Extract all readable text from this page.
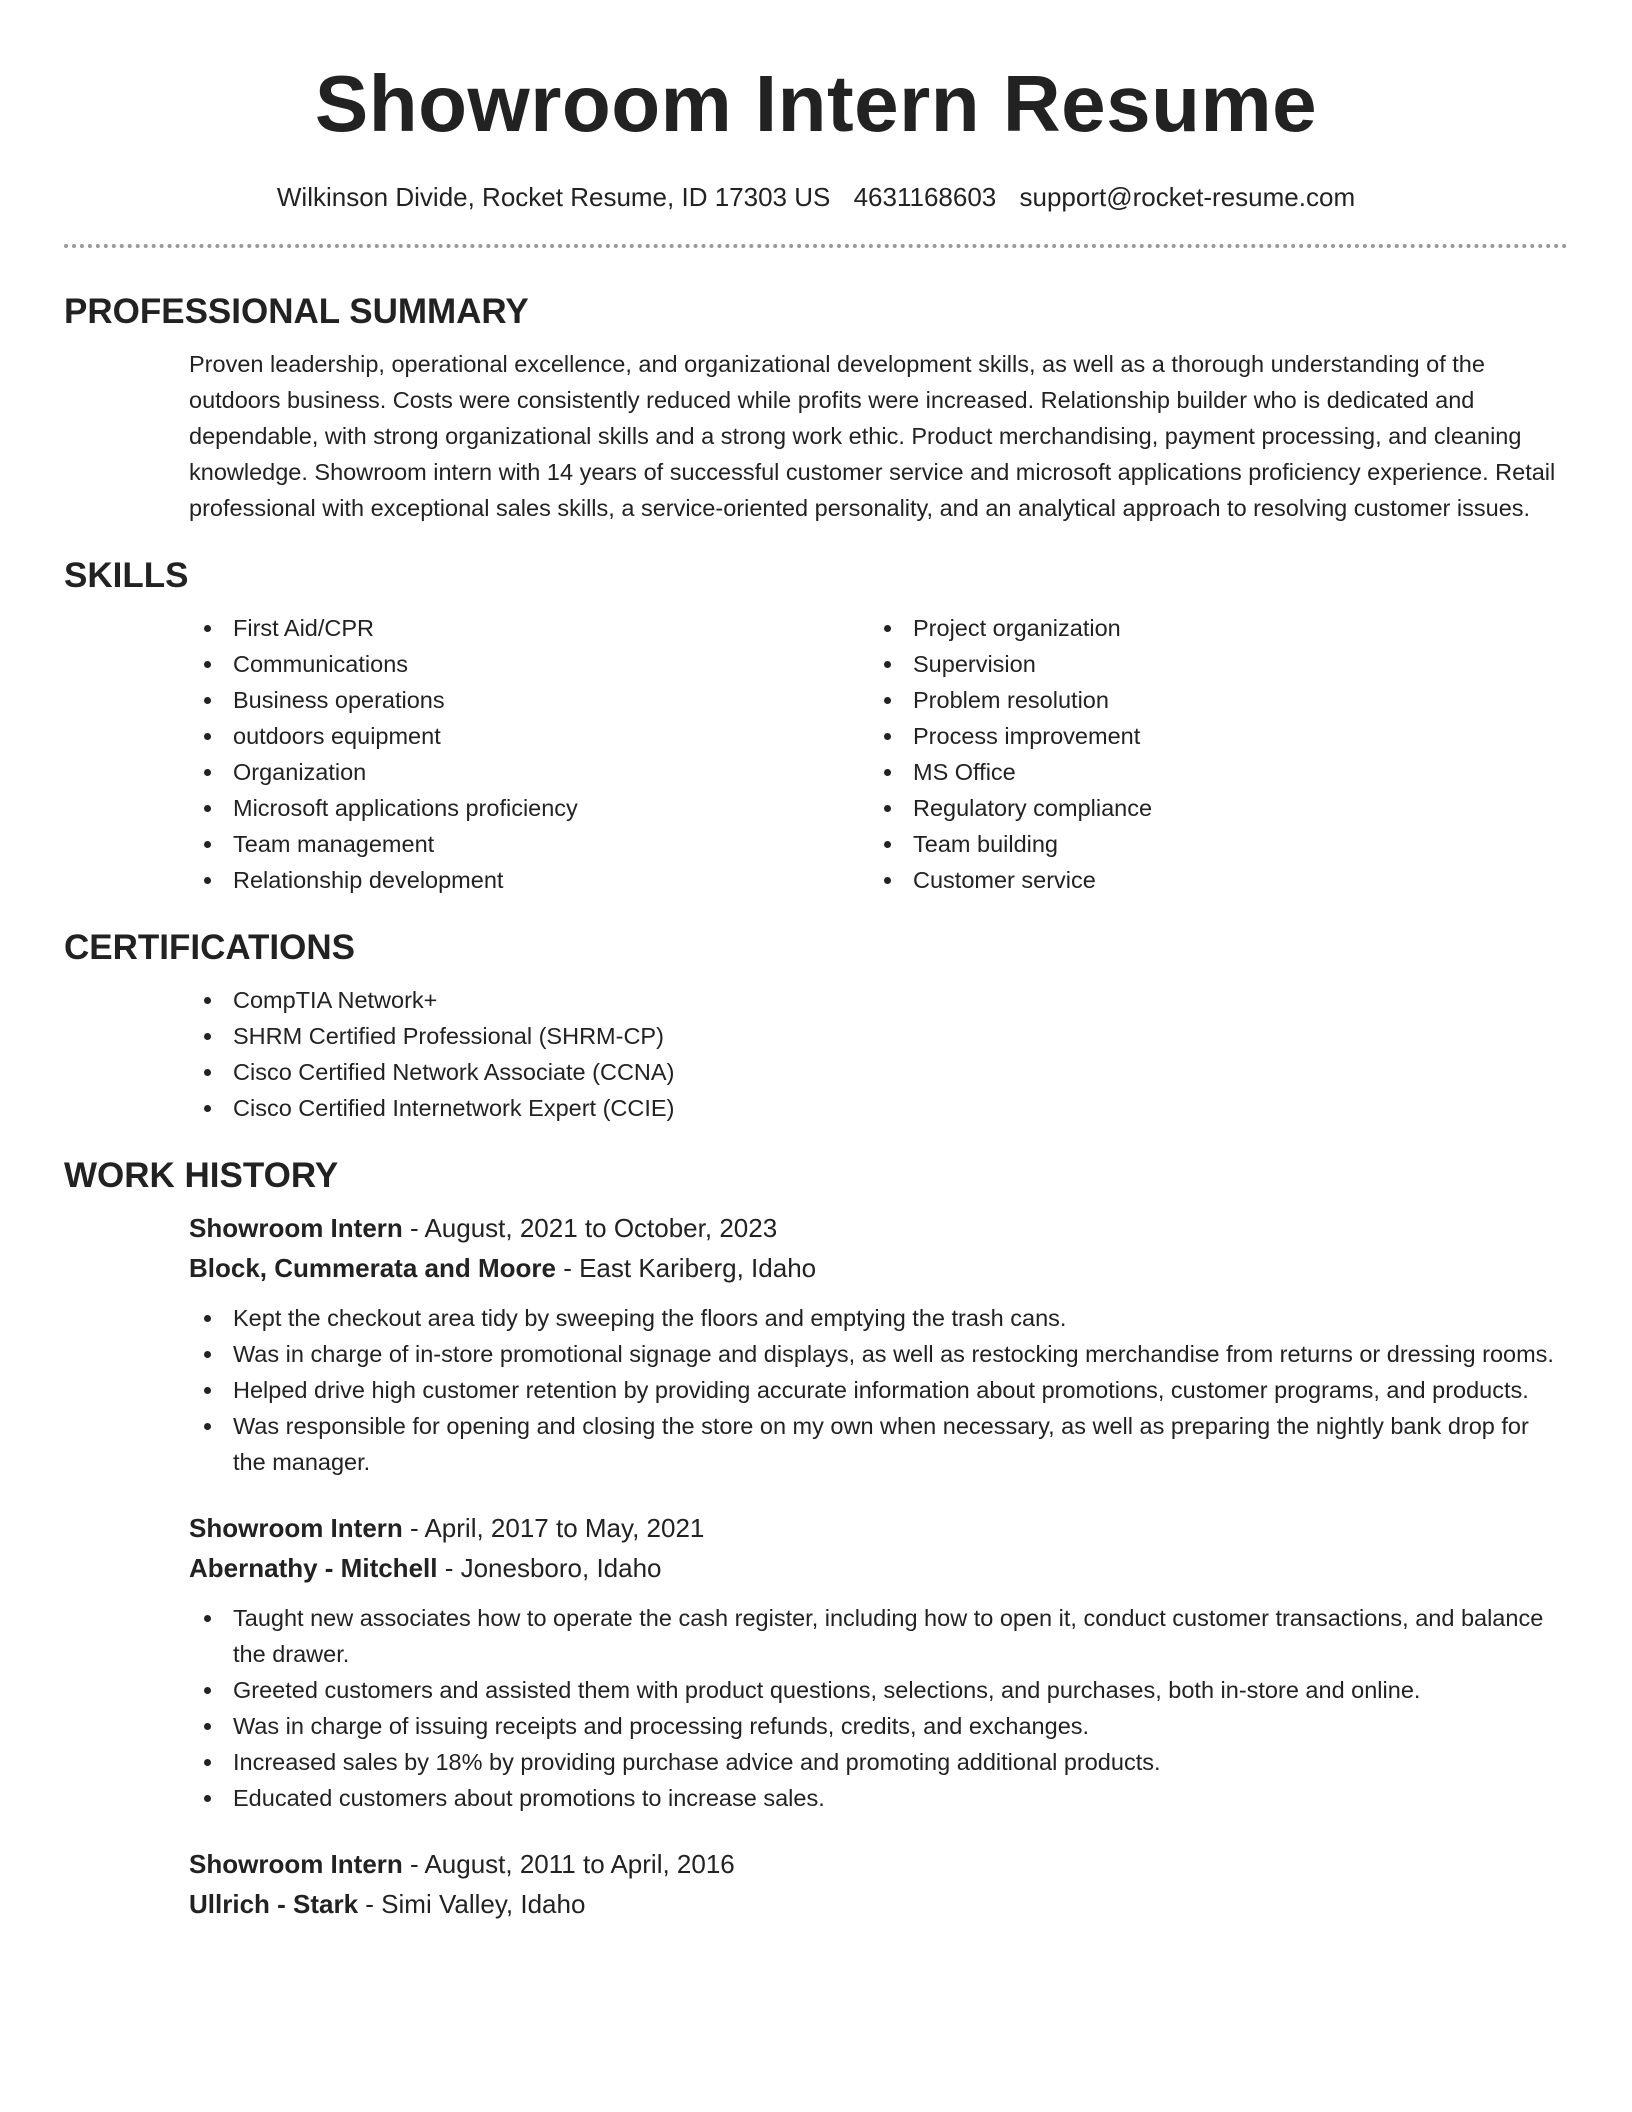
Showroom Intern Resume
Wilkinson Divide, Rocket Resume, ID 17303 US 4631168603 support@rocket-resume.com
PROFESSIONAL SUMMARY

Proven leadership, operational excellence, and organizational development skills, as well as a thorough understanding of the outdoors business. Costs were consistently reduced while profits were increased. Relationship builder who is dedicated and dependable, with strong organizational skills and a strong work ethic. Product merchandising, payment processing, and cleaning knowledge. Showroom intern with 14 years of successful customer service and microsoft applications proficiency experience. Retail professional with exceptional sales skills, a service-oriented personality, and an analytical approach to resolving customer issues.

SKILLS
First Aid/CPR
Communications
Business operations
outdoors equipment
Organization
Microsoft applications proficiency
Team management
Relationship development
Project organization
Supervision
Problem resolution
Process improvement
MS Office
Regulatory compliance
Team building
Customer service
CERTIFICATIONS
CompTIA Network+
SHRM Certified Professional (SHRM-CP)
Cisco Certified Network Associate (CCNA)
Cisco Certified Internetwork Expert (CCIE)
WORK HISTORY
Showroom Intern - August, 2021 to October, 2023
Block, Cummerata and Moore - East Kariberg, Idaho
Kept the checkout area tidy by sweeping the floors and emptying the trash cans.
Was in charge of in-store promotional signage and displays, as well as restocking merchandise from returns or dressing rooms.
Helped drive high customer retention by providing accurate information about promotions, customer programs, and products.
Was responsible for opening and closing the store on my own when necessary, as well as preparing the nightly bank drop for the manager.
Showroom Intern - April, 2017 to May, 2021
Abernathy - Mitchell - Jonesboro, Idaho
Taught new associates how to operate the cash register, including how to open it, conduct customer transactions, and balance the drawer.
Greeted customers and assisted them with product questions, selections, and purchases, both in-store and online.
Was in charge of issuing receipts and processing refunds, credits, and exchanges.
Increased sales by 18% by providing purchase advice and promoting additional products.
Educated customers about promotions to increase sales.
Showroom Intern - August, 2011 to April, 2016
Ullrich - Stark - Simi Valley, Idaho
